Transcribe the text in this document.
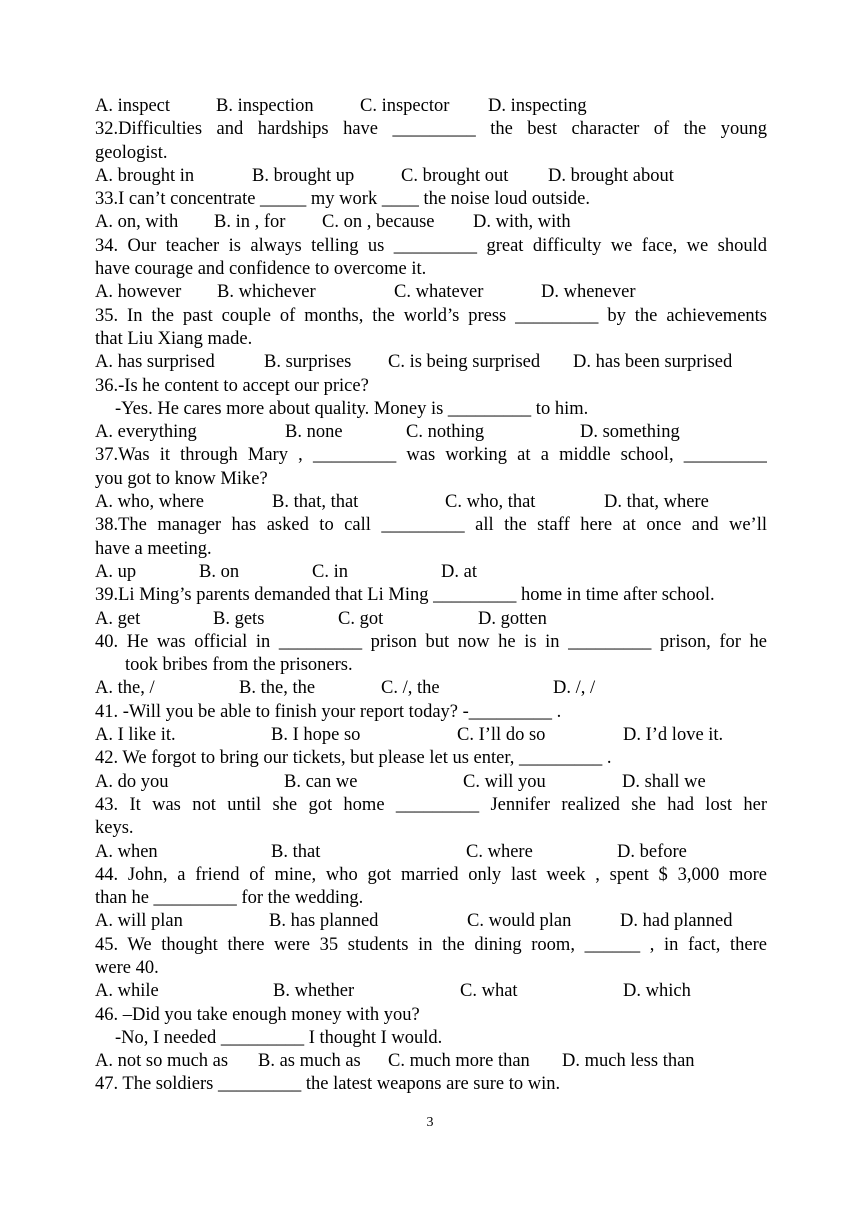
A. inspect B. inspection	C. inspector D. inspecting
32.Difficulties and hardships have _________ the best character of the young
geologist.
A. brought in	B. brought up	C. brought out D. brought about
33.I can’t concentrate _____ my work ____ the noise loud outside.
A. on, with B. in , for C. on , because D. with, with
34. Our teacher is always telling us _________ great difficulty we face, we should
have courage and confidence to overcome it.
A. however B. whichever	C. whatever	D. whenever
35. In the past couple of months, the world’s press _________ by the achievements
that Liu Xiang made.
A. has surprised	B. surprises C. is being surprised D. has been surprised
36.-Is he content to accept our price?
-Yes. He cares more about quality. Money is _________ to him.
A. everything	B. none	C. nothing	D. something
37.Was it through Mary , _________ was working at a middle school, _________
you got to know Mike?
A. who, where	B. that, that	C. who, that	D. that, where
38.The manager has asked to call _________ all the staff here at once and we’ll
have a meeting.
A. up	B. on	C. in	D. at
39.Li Ming’s parents demanded that Li Ming _________ home in time after school.
A. get	B. gets	C. got	D. gotten
40. He was official in _________ prison but now he is in _________ prison, for he
took bribes from the prisoners.
A. the, /	B. the, the	C. /, the	D. /, /
41. -Will you be able to finish your report today? -_________ .
A. I like it.	B. I hope so	C. I’ll do so	D. I’d love it.
42. We forgot to bring our tickets, but please let us enter, _________ .
A. do you	B. can we	C. will you	D. shall we
43. It was not until she got home _________ Jennifer realized she had lost her
keys.
A. when	B. that	C. where	D. before
44. John, a friend of mine, who got married only last week , spent $ 3,000 more
than he _________ for the wedding.
A. will plan	B. has planned	C. would plan	D. had planned
45. We thought there were 35 students in the dining room, ______ , in fact, there
were 40.
A. while	B. whether	C. what	D. which
46. –Did you take enough money with you?
-No, I needed _________ I thought I would.
A. not so much as B. as much as C. much more than D. much less than
47. The soldiers _________ the latest weapons are sure to win.
3
